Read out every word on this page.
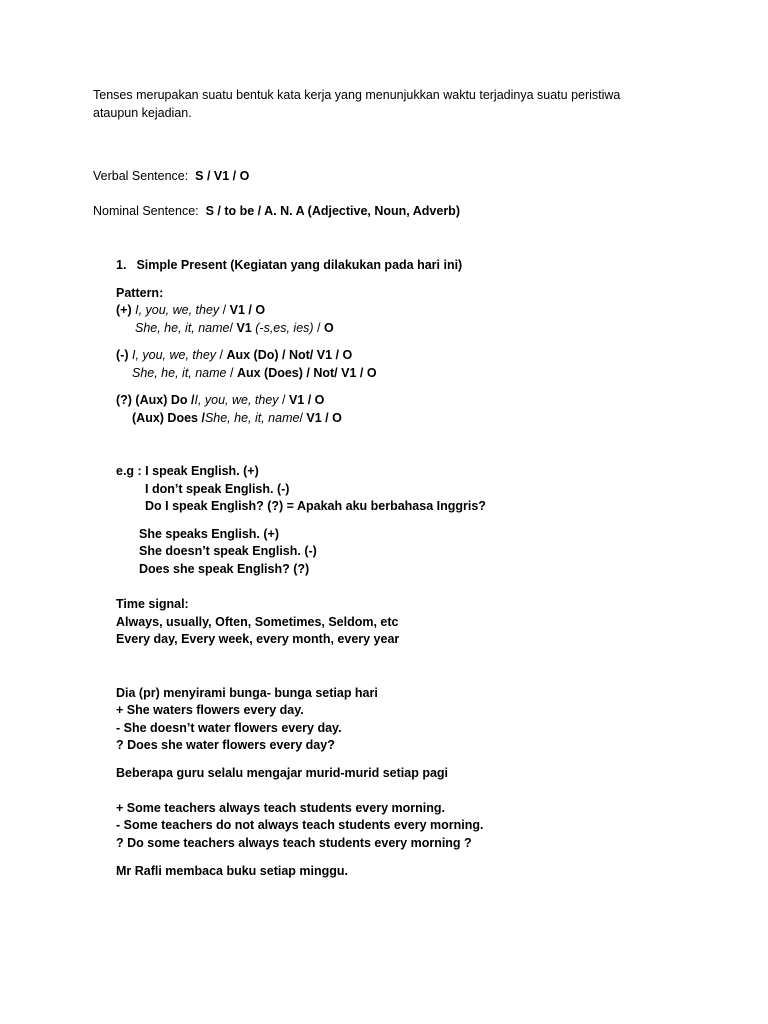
Tenses merupakan suatu bentuk kata kerja yang menunjukkan waktu terjadinya suatu peristiwa
ataupun kejadian.
Verbal Sentence:  S / V1 / O
Nominal Sentence:  S / to be / A. N. A (Adjective, Noun, Adverb)
1. Simple Present (Kegiatan yang dilakukan pada hari ini)
Pattern:
(+) I, you, we, they / V1 / O
She, he, it, name/ V1 (-s,es, ies) / O
(-) I, you, we, they / Aux (Do) / Not/ V1 / O
She, he, it, name / Aux (Does) / Not/ V1 / O
(?) (Aux) Do /I, you, we, they / V1 / O
(Aux) Does /She, he, it, name/ V1 / O
e.g : I speak English. (+)
I don’t speak English. (-)
Do I speak English? (?) = Apakah aku berbahasa Inggris?
She speaks English. (+)
She doesn’t speak English. (-)
Does she speak English? (?)
Time signal:
Always, usually, Often, Sometimes, Seldom, etc
Every day, Every week, every month, every year
Dia (pr) menyirami bunga- bunga setiap hari
+ She waters flowers every day.
- She doesn’t water flowers every day.
? Does she water flowers every day?
Beberapa guru selalu mengajar murid-murid setiap pagi
+ Some teachers always teach students every morning.
- Some teachers do not always teach students every morning.
? Do some teachers always teach students every morning ?
Mr Rafli membaca buku setiap minggu.
